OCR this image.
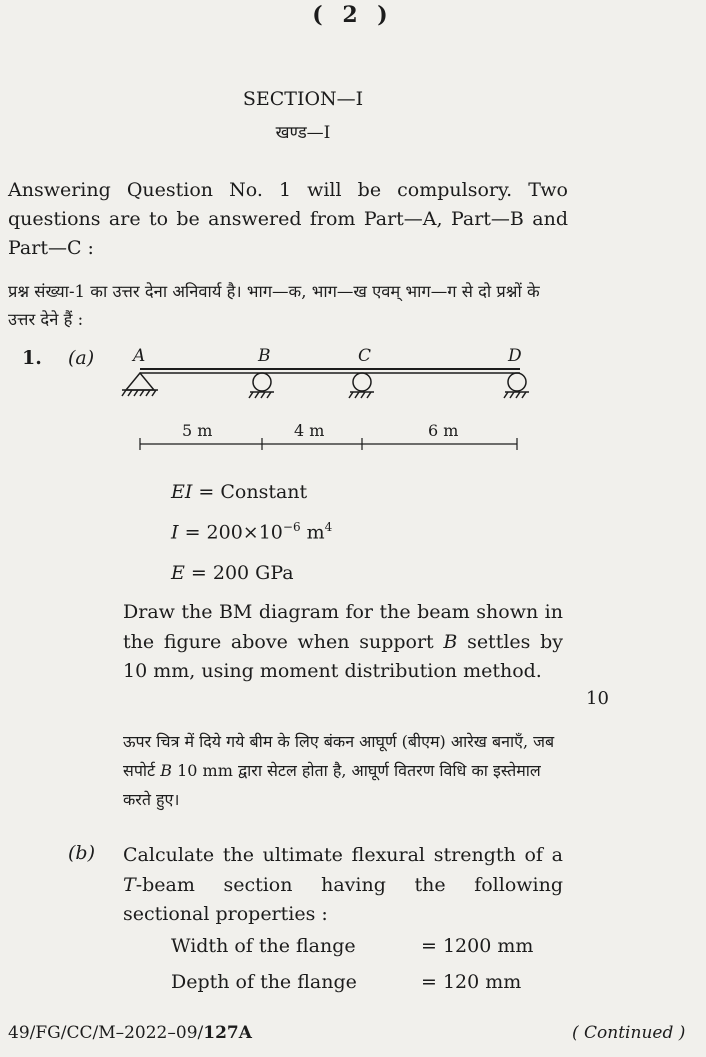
( 2 )
SECTION—I
खण्ड—I
Answering Question No. 1 will be compulsory. Two questions are to be answered from Part—A, Part—B and Part—C :
प्रश्न संख्या-1 का उत्तर देना अनिवार्य है। भाग—क, भाग—ख एवम् भाग—ग से दो प्रश्नों के उत्तर देने हैं :
1. (a) A	B	C	D
5 m	4 m	6 m
EI = Constant
$I = 200\times 10^{-6}$ $m^4$
E = 200 GPa
Draw the BM diagram for the beam shown in the figure above when support B settles by 10 mm, using moment distribution method.
10
ऊपर चित्र में दिये गये बीम के लिए बंकन आघूर्ण (बीएम) आरेख बनाएँ, जब सपोर्ट B 10 mm द्वारा सेटल होता है, आघूर्ण वितरण विधि का इस्तेमाल करते हुए।
(b) Calculate the ultimate flexural strength of a T-beam section having the following sectional properties :
Width of the flange	= 1200 mm
Depth of the flange	= 120 mm
49/FG/CC/M–2022–09/127A	( Continued )
